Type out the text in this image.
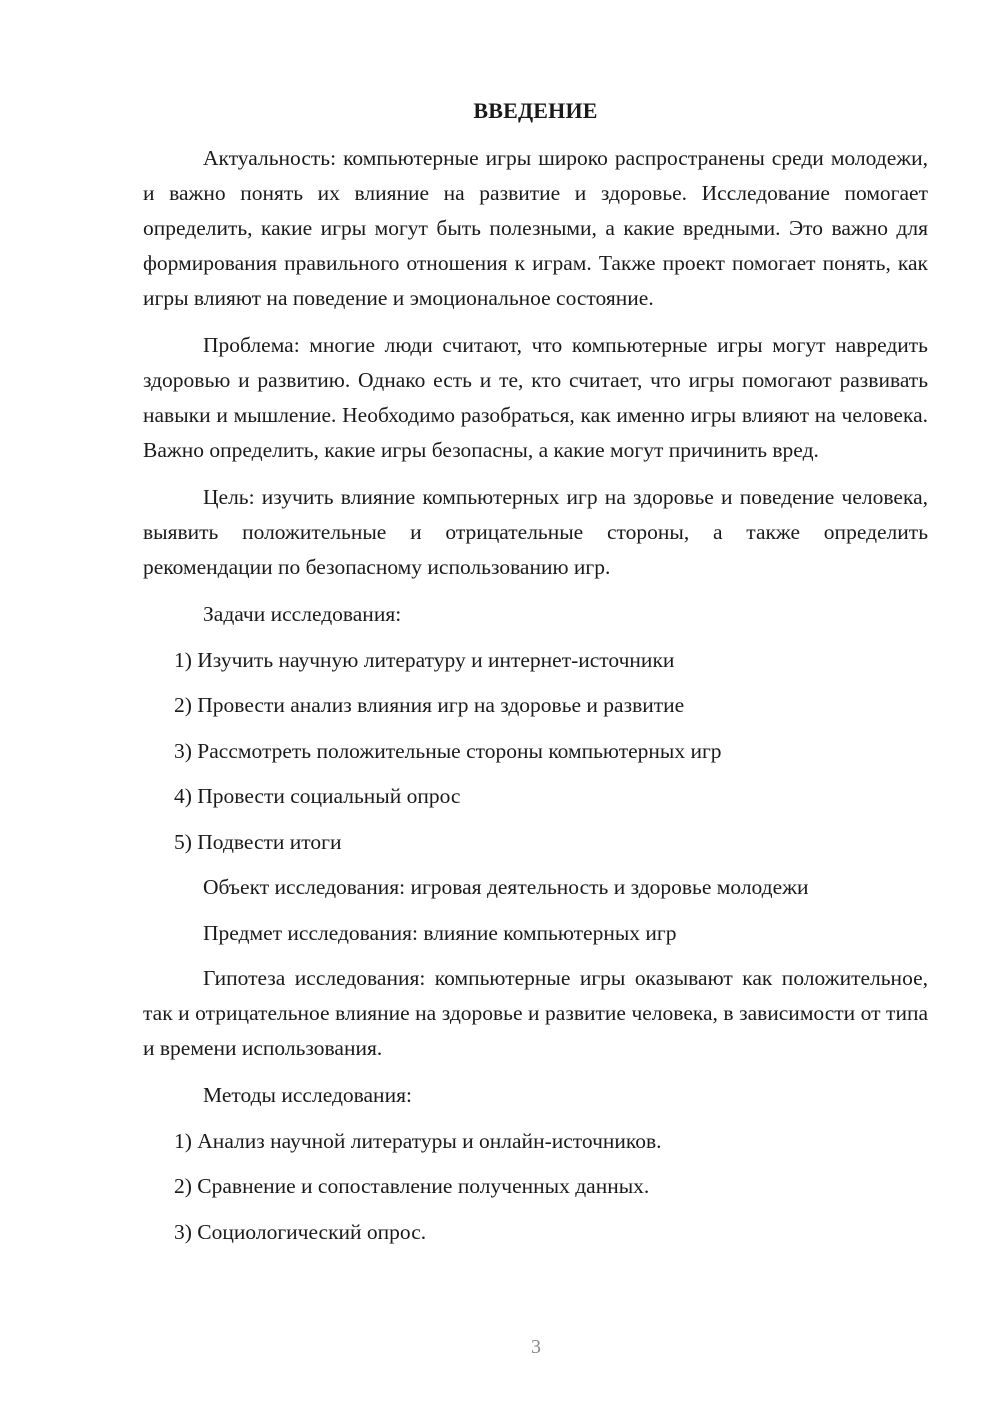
ВВЕДЕНИЕ

Актуальность: компьютерные игры широко распространены среди молодежи, и важно понять их влияние на развитие и здоровье. Исследование помогает определить, какие игры могут быть полезными, а какие вредными. Это важно для формирования правильного отношения к играм. Также проект помогает понять, как игры влияют на поведение и эмоциональное состояние.

Проблема: многие люди считают, что компьютерные игры могут навредить здоровью и развитию. Однако есть и те, кто считает, что игры помогают развивать навыки и мышление. Необходимо разобраться, как именно игры влияют на человека. Важно определить, какие игры безопасны, а какие могут причинить вред.

Цель: изучить влияние компьютерных игр на здоровье и поведение человека, выявить положительные и отрицательные стороны, а также определить рекомендации по безопасному использованию игр.

Задачи исследования:
1) Изучить научную литературу и интернет-источники
2) Провести анализ влияния игр на здоровье и развитие
3) Рассмотреть положительные стороны компьютерных игр
4) Провести социальный опрос
5) Подвести итоги
Объект исследования: игровая деятельность и здоровье молодежи
Предмет исследования: влияние компьютерных игр

Гипотеза исследования: компьютерные игры оказывают как положительное, так и отрицательное влияние на здоровье и развитие человека, в зависимости от типа и времени использования.

Методы исследования:
1) Анализ научной литературы и онлайн-источников.
2) Сравнение и сопоставление полученных данных.
3) Социологический опрос.
3
